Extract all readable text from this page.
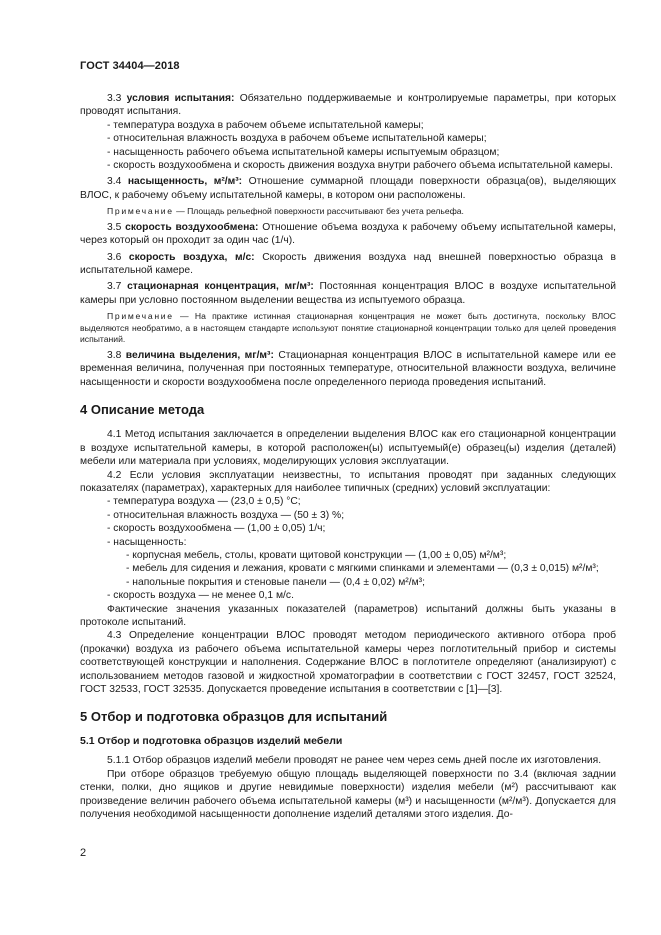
ГОСТ 34404—2018

3.3 условия испытания: Обязательно поддерживаемые и контролируемые параметры, при которых проводят испытания.

- температура воздуха в рабочем объеме испытательной камеры;

- относительная влажность воздуха в рабочем объеме испытательной камеры;

- насыщенность рабочего объема испытательной камеры испытуемым образцом;

- скорость воздухообмена и скорость движения воздуха внутри рабочего объема испытательной камеры.

3.4 насыщенность, м²/м³: Отношение суммарной площади поверхности образца(ов), выделяющих ВЛОС, к рабочему объему испытательной камеры, в котором они расположены.

Примечание — Площадь рельефной поверхности рассчитывают без учета рельефа.

3.5 скорость воздухообмена: Отношение объема воздуха к рабочему объему испытательной камеры, через который он проходит за один час (1/ч).

3.6 скорость воздуха, м/с: Скорость движения воздуха над внешней поверхностью образца в испытательной камере.

3.7 стационарная концентрация, мг/м³: Постоянная концентрация ВЛОС в воздухе испытательной камеры при условно постоянном выделении вещества из испытуемого образца.

Примечание — На практике истинная стационарная концентрация не может быть достигнута, поскольку ВЛОС выделяются необратимо, а в настоящем стандарте используют понятие стационарной концентрации только для целей проведения испытаний.

3.8 величина выделения, мг/м³: Стационарная концентрация ВЛОС в испытательной камере или ее временная величина, полученная при постоянных температуре, относительной влажности воздуха, величине насыщенности и скорости воздухообмена после определенного периода проведения испытаний.

4 Описание метода

4.1 Метод испытания заключается в определении выделения ВЛОС как его стационарной концентрации в воздухе испытательной камеры, в которой расположен(ы) испытуемый(е) образец(ы) изделия (деталей) мебели или материала при условиях, моделирующих условия эксплуатации.

4.2 Если условия эксплуатации неизвестны, то испытания проводят при заданных следующих показателях (параметрах), характерных для наиболее типичных (средних) условий эксплуатации:

- температура воздуха — (23,0 ± 0,5) °С;

- относительная влажность воздуха — (50 ± 3) %;

- скорость воздухообмена — (1,00 ± 0,05) 1/ч;

- насыщенность:

- корпусная мебель, столы, кровати щитовой конструкции — (1,00 ± 0,05) м²/м³;

- мебель для сидения и лежания, кровати с мягкими спинками и элементами — (0,3 ± 0,015) м²/м³;

- напольные покрытия и стеновые панели — (0,4 ± 0,02) м²/м³;

- скорость воздуха — не менее 0,1 м/с.

Фактические значения указанных показателей (параметров) испытаний должны быть указаны в протоколе испытаний.

4.3 Определение концентрации ВЛОС проводят методом периодического активного отбора проб (прокачки) воздуха из рабочего объема испытательной камеры через поглотительный прибор и системы соответствующей конструкции и наполнения. Содержание ВЛОС в поглотителе определяют (анализируют) с использованием методов газовой и жидкостной хроматографии в соответствии с ГОСТ 32457, ГОСТ 32524, ГОСТ 32533, ГОСТ 32535. Допускается проведение испытания в соответствии с [1]—[3].

5 Отбор и подготовка образцов для испытаний
5.1 Отбор и подготовка образцов изделий мебели

5.1.1 Отбор образцов изделий мебели проводят не ранее чем через семь дней после их изготовления.

При отборе образцов требуемую общую площадь выделяющей поверхности по 3.4 (включая заднии стенки, полки, дно ящиков и другие невидимые поверхности) изделия мебели (м²) рассчитывают как произведение величин рабочего объема испытательной камеры (м³) и насыщенности (м²/м³). Допускается для получения необходимой насыщенности дополнение изделий деталями этого изделия. До-

2
